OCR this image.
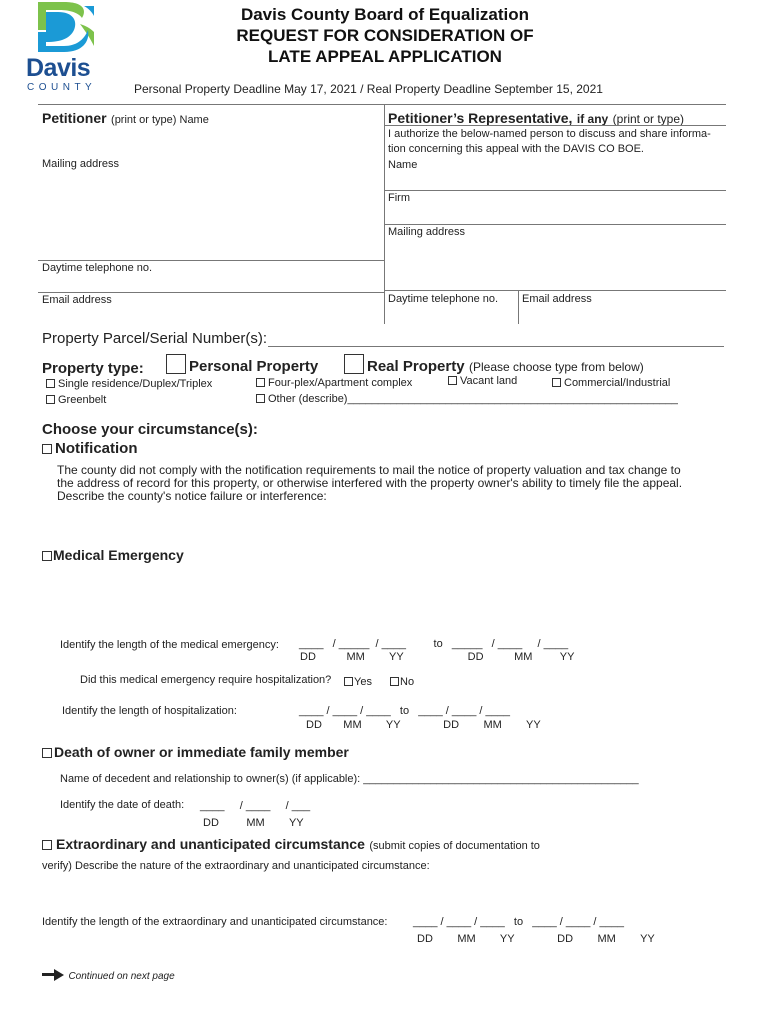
Davis
COUNTY
Davis County Board of Equalization
REQUEST FOR CONSIDERATION OF
LATE APPEAL APPLICATION
Personal Property Deadline May 17, 2021 / Real Property Deadline September 15, 2021
Petitioner (print or type) Name
Mailing address
Daytime telephone no.
Email address
Petitioner’s Representative, if any (print or type)
I authorize the below-named person to discuss and share informa-tion concerning this appeal with the DAVIS CO BOE.
Name
Firm
Mailing address
Daytime telephone no. Email address
Property Parcel/Serial Number(s):
Property type:	Personal Property	Real Property (Please choose type from below)
Single residence/Duplex/Triplex	Four-plex/Apartment complex	Vacant land	Commercial/Industrial
Greenbelt	Other (describe)______________________________________________________
Choose your circumstance(s):
Notification
The county did not comply with the notification requirements to mail the notice of property valuation and tax change to
the address of record for this property, or otherwise interfered with the property owner's ability to timely file the appeal.
Describe the county's notice failure or interference:
Medical Emergency
Identify the length of the medical emergency: ____   / _____  / ____         to   _____   / ____     / ____
DD          MM        YY                     DD          MM         YY
Did this medical emergency require hospitalization?	Yes	No
Identify the length of hospitalization:	____ / ____ / ____   to   ____ / ____ / ____
DD       MM        YY              DD        MM        YY
Death of owner or immediate family member
Name of decedent and relationship to owner(s) (if applicable): _____________________________________________
Identify the date of death: ____     / ____     / ___
DD         MM        YY
Extraordinary and unanticipated circumstance (submit copies of documentation to
verify) Describe the nature of the extraordinary and unanticipated circumstance:
Identify the length of the extraordinary and unanticipated circumstance: ____ / ____ / ____   to   ____ / ____ / ____
DD        MM        YY              DD        MM        YY
Continued on next page
